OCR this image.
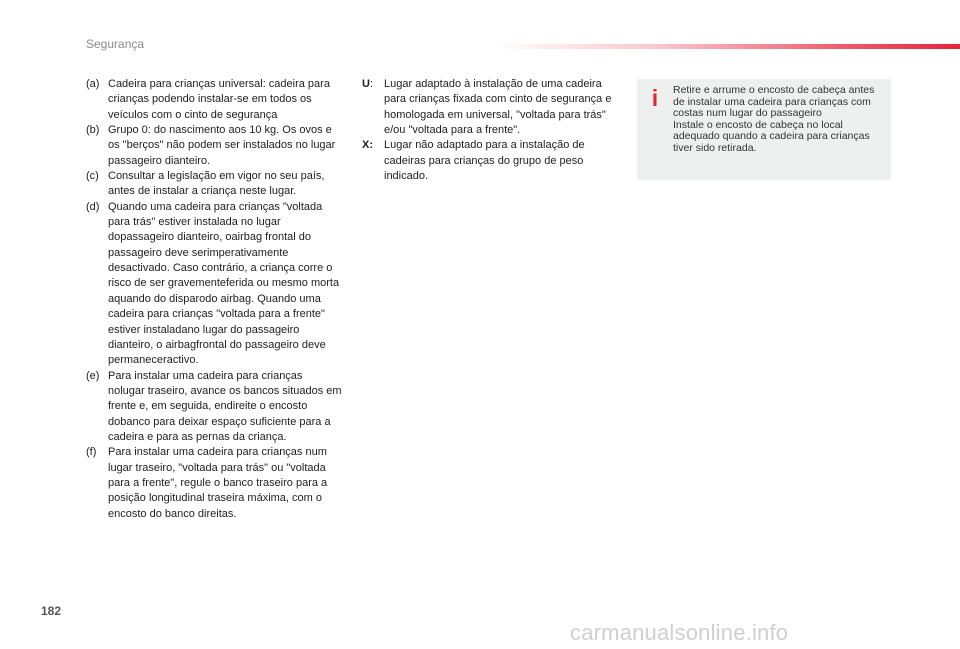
Segurança
(a) Cadeira para crianças universal: cadeira para crianças podendo instalar-se em todos os veículos com o cinto de segurança
(b) Grupo 0: do nascimento aos 10 kg. Os ovos e os "berços" não podem ser instalados no lugar passageiro dianteiro.
(c) Consultar a legislação em vigor no seu país, antes de instalar a criança neste lugar.
(d) Quando uma cadeira para crianças "voltada para trás" estiver instalada no lugar dopassageiro dianteiro, oairbag frontal do passageiro deve serimperativamente desactivado. Caso contrário, a criança corre o risco de ser gravementeferida ou mesmo morta aquando do disparodo airbag. Quando uma cadeira para crianças "voltada para a frente" estiver instaladano lugar do passageiro dianteiro, o airbagfrontal do passageiro deve permaneceractivo.
(e) Para instalar uma cadeira para crianças nolugar traseiro, avance os bancos situados em frente e, em seguida, endireite o encosto dobanco para deixar espaço suficiente para a cadeira e para as pernas da criança.
(f)	Para instalar uma cadeira para crianças num lugar traseiro, "voltada para trás" ou "voltada para a frente", regule o banco traseiro para a posição longitudinal traseira máxima, com o encosto do banco direitas.
U: Lugar adaptado à instalação de uma cadeira para crianças fixada com cinto de segurança e homologada em universal, "voltada para trás" e/ou "voltada para a frente".
X: Lugar não adaptado para a instalação de cadeiras para crianças do grupo de peso indicado.
i Retire e arrume o encosto de cabeça antes de instalar uma cadeira para crianças com costas num lugar do passageiro
Instale o encosto de cabeça no local adequado quando a cadeira para crianças tiver sido retirada.
182
carmanualsonline.info
